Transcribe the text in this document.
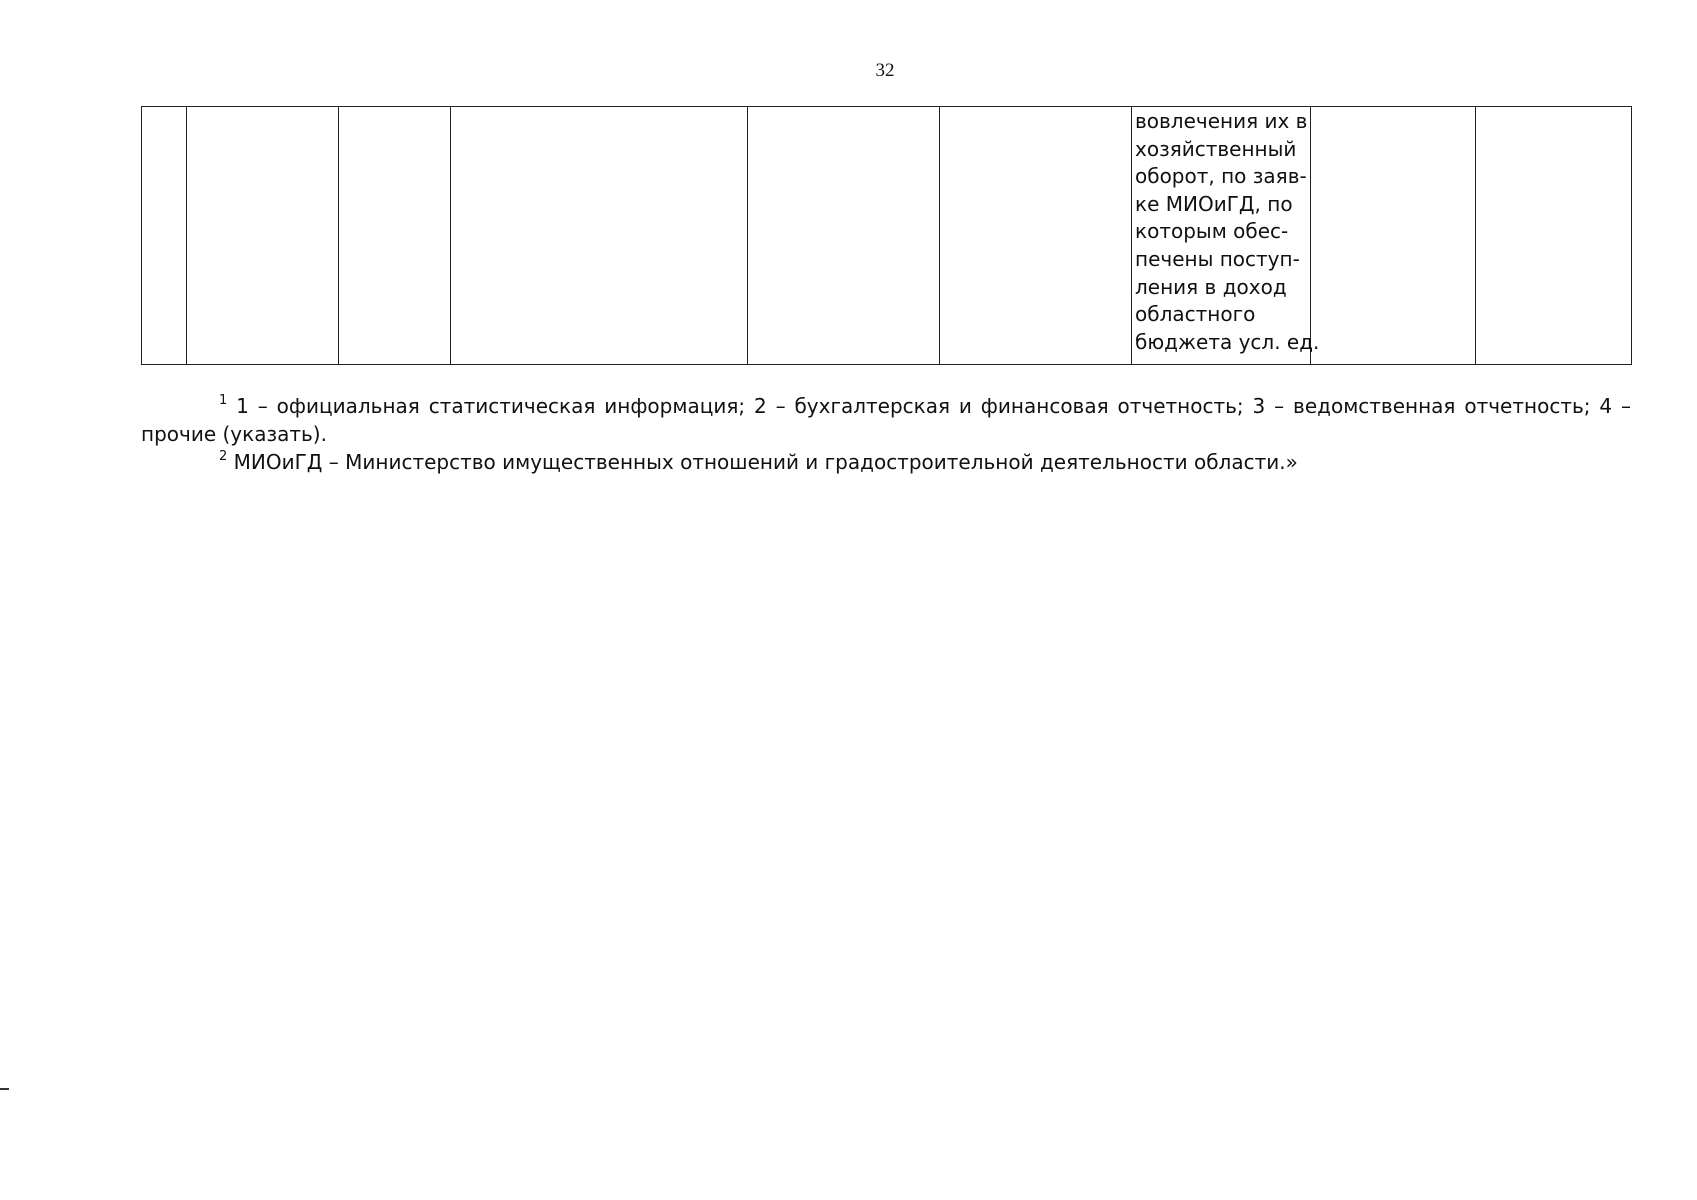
32

вовлечения их в
хозяйственный
оборот, по заяв-
ке МИОиГД, по
которым обес-
печены поступ-
ления в доход
областного
бюджета усл. ед.

$^1$ 1 – официальная статистическая информация; 2 – бухгалтерская и финансовая отчетность; 3 – ведомственная отчетность; 4 – прочие (указать).

$^2$ МИОиГД – Министерство имущественных отношений и градостроительной деятельности области.»
